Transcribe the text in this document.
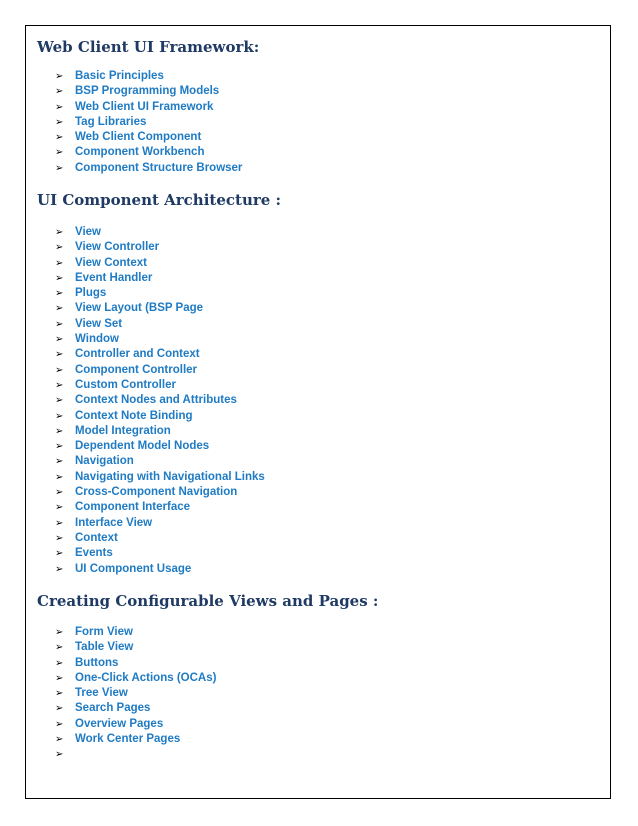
Web Client UI Framework:
➢	Basic Principles
➢	BSP Programming Models
➢	Web Client UI Framework
➢	Tag Libraries
➢	Web Client Component
➢	Component Workbench
➢	Component Structure Browser
UI Component Architecture :
➢	View
➢	View Controller
➢	View Context
➢	Event Handler
➢	Plugs
➢	View Layout (BSP Page
➢	View Set
➢	Window
➢	Controller and Context
➢	Component Controller
➢	Custom Controller
➢	Context Nodes and Attributes
➢	Context Note Binding
➢	Model Integration
➢	Dependent Model Nodes
➢	Navigation
➢	Navigating with Navigational Links
➢	Cross-Component Navigation
➢	Component Interface
➢	Interface View
➢	Context
➢	Events
➢	UI Component Usage
Creating Configurable Views and Pages :
➢	Form View
➢	Table View
➢	Buttons
➢	One-Click Actions (OCAs)
➢	Tree View
➢	Search Pages
➢	Overview Pages
➢	Work Center Pages
➢
